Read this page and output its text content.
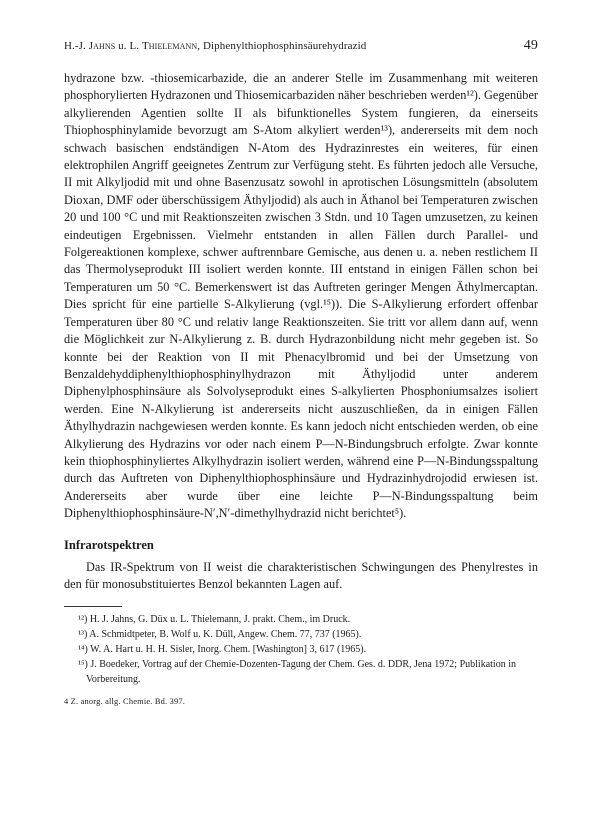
H.-J. Jahns u. L. Thielemann, Diphenylthiophosphinsäurehydrazid	49

hydrazone bzw. -thiosemicarbazide, die an anderer Stelle im Zusammenhang mit weiteren phosphorylierten Hydrazonen und Thiosemicarbaziden näher beschrieben werden¹²). Gegenüber alkylierenden Agentien sollte II als bifunktionelles System fungieren, da einerseits Thiophosphinylamide bevorzugt am S-Atom alkyliert werden¹³), andererseits mit dem noch schwach basischen endständigen N-Atom des Hydrazinrestes ein weiteres, für einen elektrophilen Angriff geeignetes Zentrum zur Verfügung steht. Es führten jedoch alle Versuche, II mit Alkyljodid mit und ohne Basenzusatz sowohl in aprotischen Lösungsmitteln (absolutem Dioxan, DMF oder überschüssigem Äthyljodid) als auch in Äthanol bei Temperaturen zwischen 20 und 100 °C und mit Reaktionszeiten zwischen 3 Stdn. und 10 Tagen umzusetzen, zu keinen eindeutigen Ergebnissen. Vielmehr entstanden in allen Fällen durch Parallel- und Folgereaktionen komplexe, schwer auftrennbare Gemische, aus denen u. a. neben restlichem II das Thermolyseprodukt III isoliert werden konnte. III entstand in einigen Fällen schon bei Temperaturen um 50 °C. Bemerkenswert ist das Auftreten geringer Mengen Äthylmercaptan. Dies spricht für eine partielle S-Alkylierung (vgl.¹⁵)). Die S-Alkylierung erfordert offenbar Temperaturen über 80 °C und relativ lange Reaktionszeiten. Sie tritt vor allem dann auf, wenn die Möglichkeit zur N-Alkylierung z. B. durch Hydrazonbildung nicht mehr gegeben ist. So konnte bei der Reaktion von II mit Phenacylbromid und bei der Umsetzung von Benzaldehyddiphenylthiophosphinylhydrazon mit Äthyljodid unter anderem Diphenylphosphinsäure als Solvolyseprodukt eines S-alkylierten Phosphoniumsalzes isoliert werden. Eine N-Alkylierung ist andererseits nicht auszuschließen, da in einigen Fällen Äthylhydrazin nachgewiesen werden konnte. Es kann jedoch nicht entschieden werden, ob eine Alkylierung des Hydrazins vor oder nach einem P—N-Bindungsbruch erfolgte. Zwar konnte kein thiophosphinyliertes Alkylhydrazin isoliert werden, während eine P—N-Bindungsspaltung durch das Auftreten von Diphenylthiophosphinsäure und Hydrazinhydrojodid erwiesen ist. Andererseits aber wurde über eine leichte P—N-Bindungsspaltung beim Diphenylthiophosphinsäure-N′,N′-dimethylhydrazid nicht berichtet⁵).

Infrarotspektren

Das IR-Spektrum von II weist die charakteristischen Schwingungen des Phenylrestes in den für monosubstituiertes Benzol bekannten Lagen auf.

¹²) H. J. Jahns, G. Düx u. L. Thielemann, J. prakt. Chem., im Druck.

¹³) A. Schmidtpeter, B. Wolf u. K. Düll, Angew. Chem. 77, 737 (1965).

¹⁴) W. A. Hart u. H. H. Sisler, Inorg. Chem. [Washington] 3, 617 (1965).

¹⁵) J. Boedeker, Vortrag auf der Chemie-Dozenten-Tagung der Chem. Ges. d. DDR, Jena 1972; Publikation in Vorbereitung.

4 Z. anorg. allg. Chemie. Bd. 397.
